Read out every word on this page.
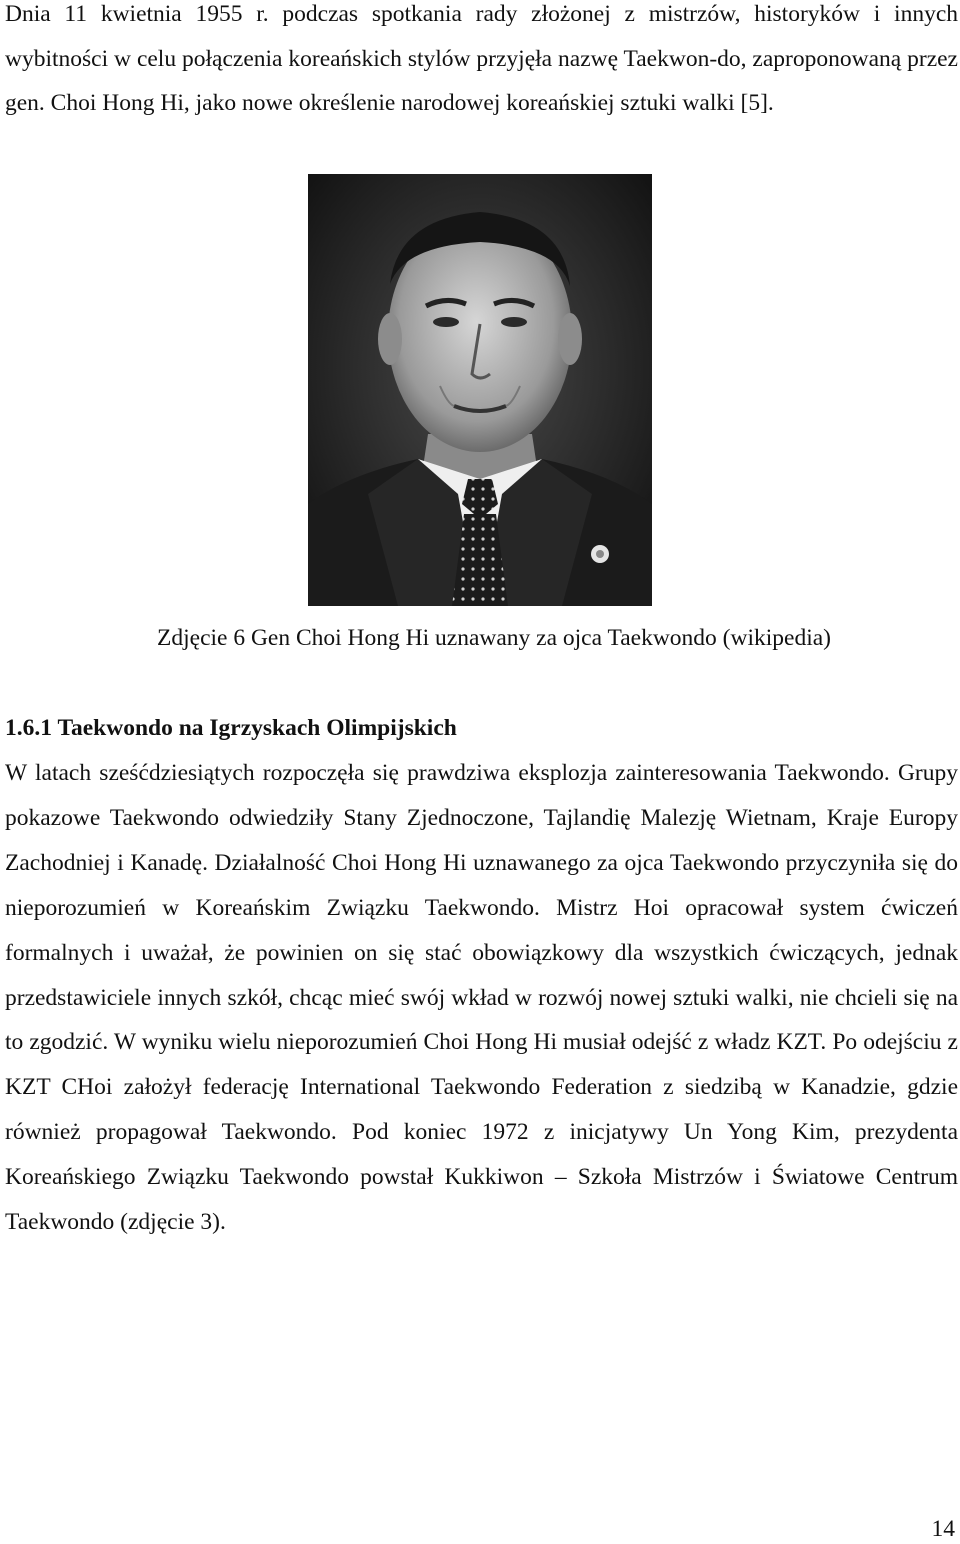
Dnia 11 kwietnia 1955 r. podczas spotkania rady złożonej z mistrzów, historyków i innych wybitności w celu połączenia koreańskich stylów przyjęła nazwę Taekwon-do, zaproponowaną przez gen. Choi Hong Hi, jako nowe określenie narodowej koreańskiej sztuki walki [5].

Zdjęcie 6 Gen Choi Hong Hi uznawany za ojca Taekwondo (wikipedia)

1.6.1 Taekwondo na Igrzyskach Olimpijskich

W latach sześćdziesiątych rozpoczęła się prawdziwa eksplozja zainteresowania Taekwondo. Grupy pokazowe Taekwondo odwiedziły Stany Zjednoczone, Tajlandię Malezję Wietnam, Kraje Europy Zachodniej i Kanadę. Działalność Choi Hong Hi uznawanego za ojca Taekwondo przyczyniła się do nieporozumień w Koreańskim Związku Taekwondo. Mistrz Hoi opracował system ćwiczeń formalnych i uważał, że powinien on się stać obowiązkowy dla wszystkich ćwiczących, jednak przedstawiciele innych szkół, chcąc mieć swój wkład w rozwój nowej sztuki walki, nie chcieli się na to zgodzić. W wyniku wielu nieporozumień Choi Hong Hi musiał odejść z władz KZT. Po odejściu z KZT CHoi założył federację International Taekwondo Federation z siedzibą w Kanadzie, gdzie również propagował Taekwondo. Pod koniec 1972 z inicjatywy Un Yong Kim, prezydenta Koreańskiego Związku Taekwondo powstał Kukkiwon – Szkoła Mistrzów i Światowe Centrum Taekwondo (zdjęcie 3).

14
